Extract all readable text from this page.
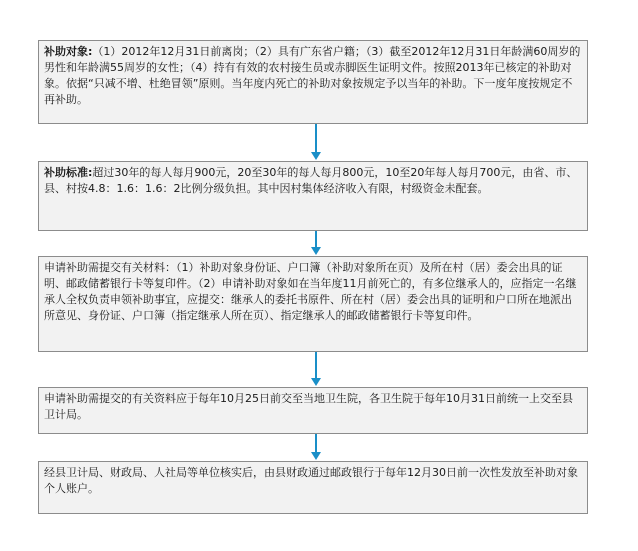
补助对象:（1）2012年12月31日前离岗；（2）具有广东省户籍；（3）截至2012年12月31日年龄满60周岁的男性和年龄满55周岁的女性；（4）持有有效的农村接生员或赤脚医生证明文件。按照2013年已核定的补助对象。依据“只减不增、杜绝冒领”原则。当年度内死亡的补助对象按规定予以当年的补助。下一度年度按规定不再补助。
补助标准:超过30年的每人每月900元，20至30年的每人每月800元，10至20年每人每月700元，由省、市、县、村按4.8：1.6：1.6：2比例分级负担。其中因村集体经济收入有限，村级资金未配套。
申请补助需提交有关材料：（1）补助对象身份证、户口簿（补助对象所在页）及所在村（居）委会出具的证明、邮政储蓄银行卡等复印件。（2）申请补助对象如在当年度11月前死亡的，有多位继承人的，应指定一名继承人全权负责申领补助事宜，应提交：继承人的委托书原件、所在村（居）委会出具的证明和户口所在地派出所意见、身份证、户口簿（指定继承人所在页）、指定继承人的邮政储蓄银行卡等复印件。
申请补助需提交的有关资料应于每年10月25日前交至当地卫生院，各卫生院于每年10月31日前统一上交至县卫计局。
经县卫计局、财政局、人社局等单位核实后，由县财政通过邮政银行于每年12月30日前一次性发放至补助对象个人账户。
